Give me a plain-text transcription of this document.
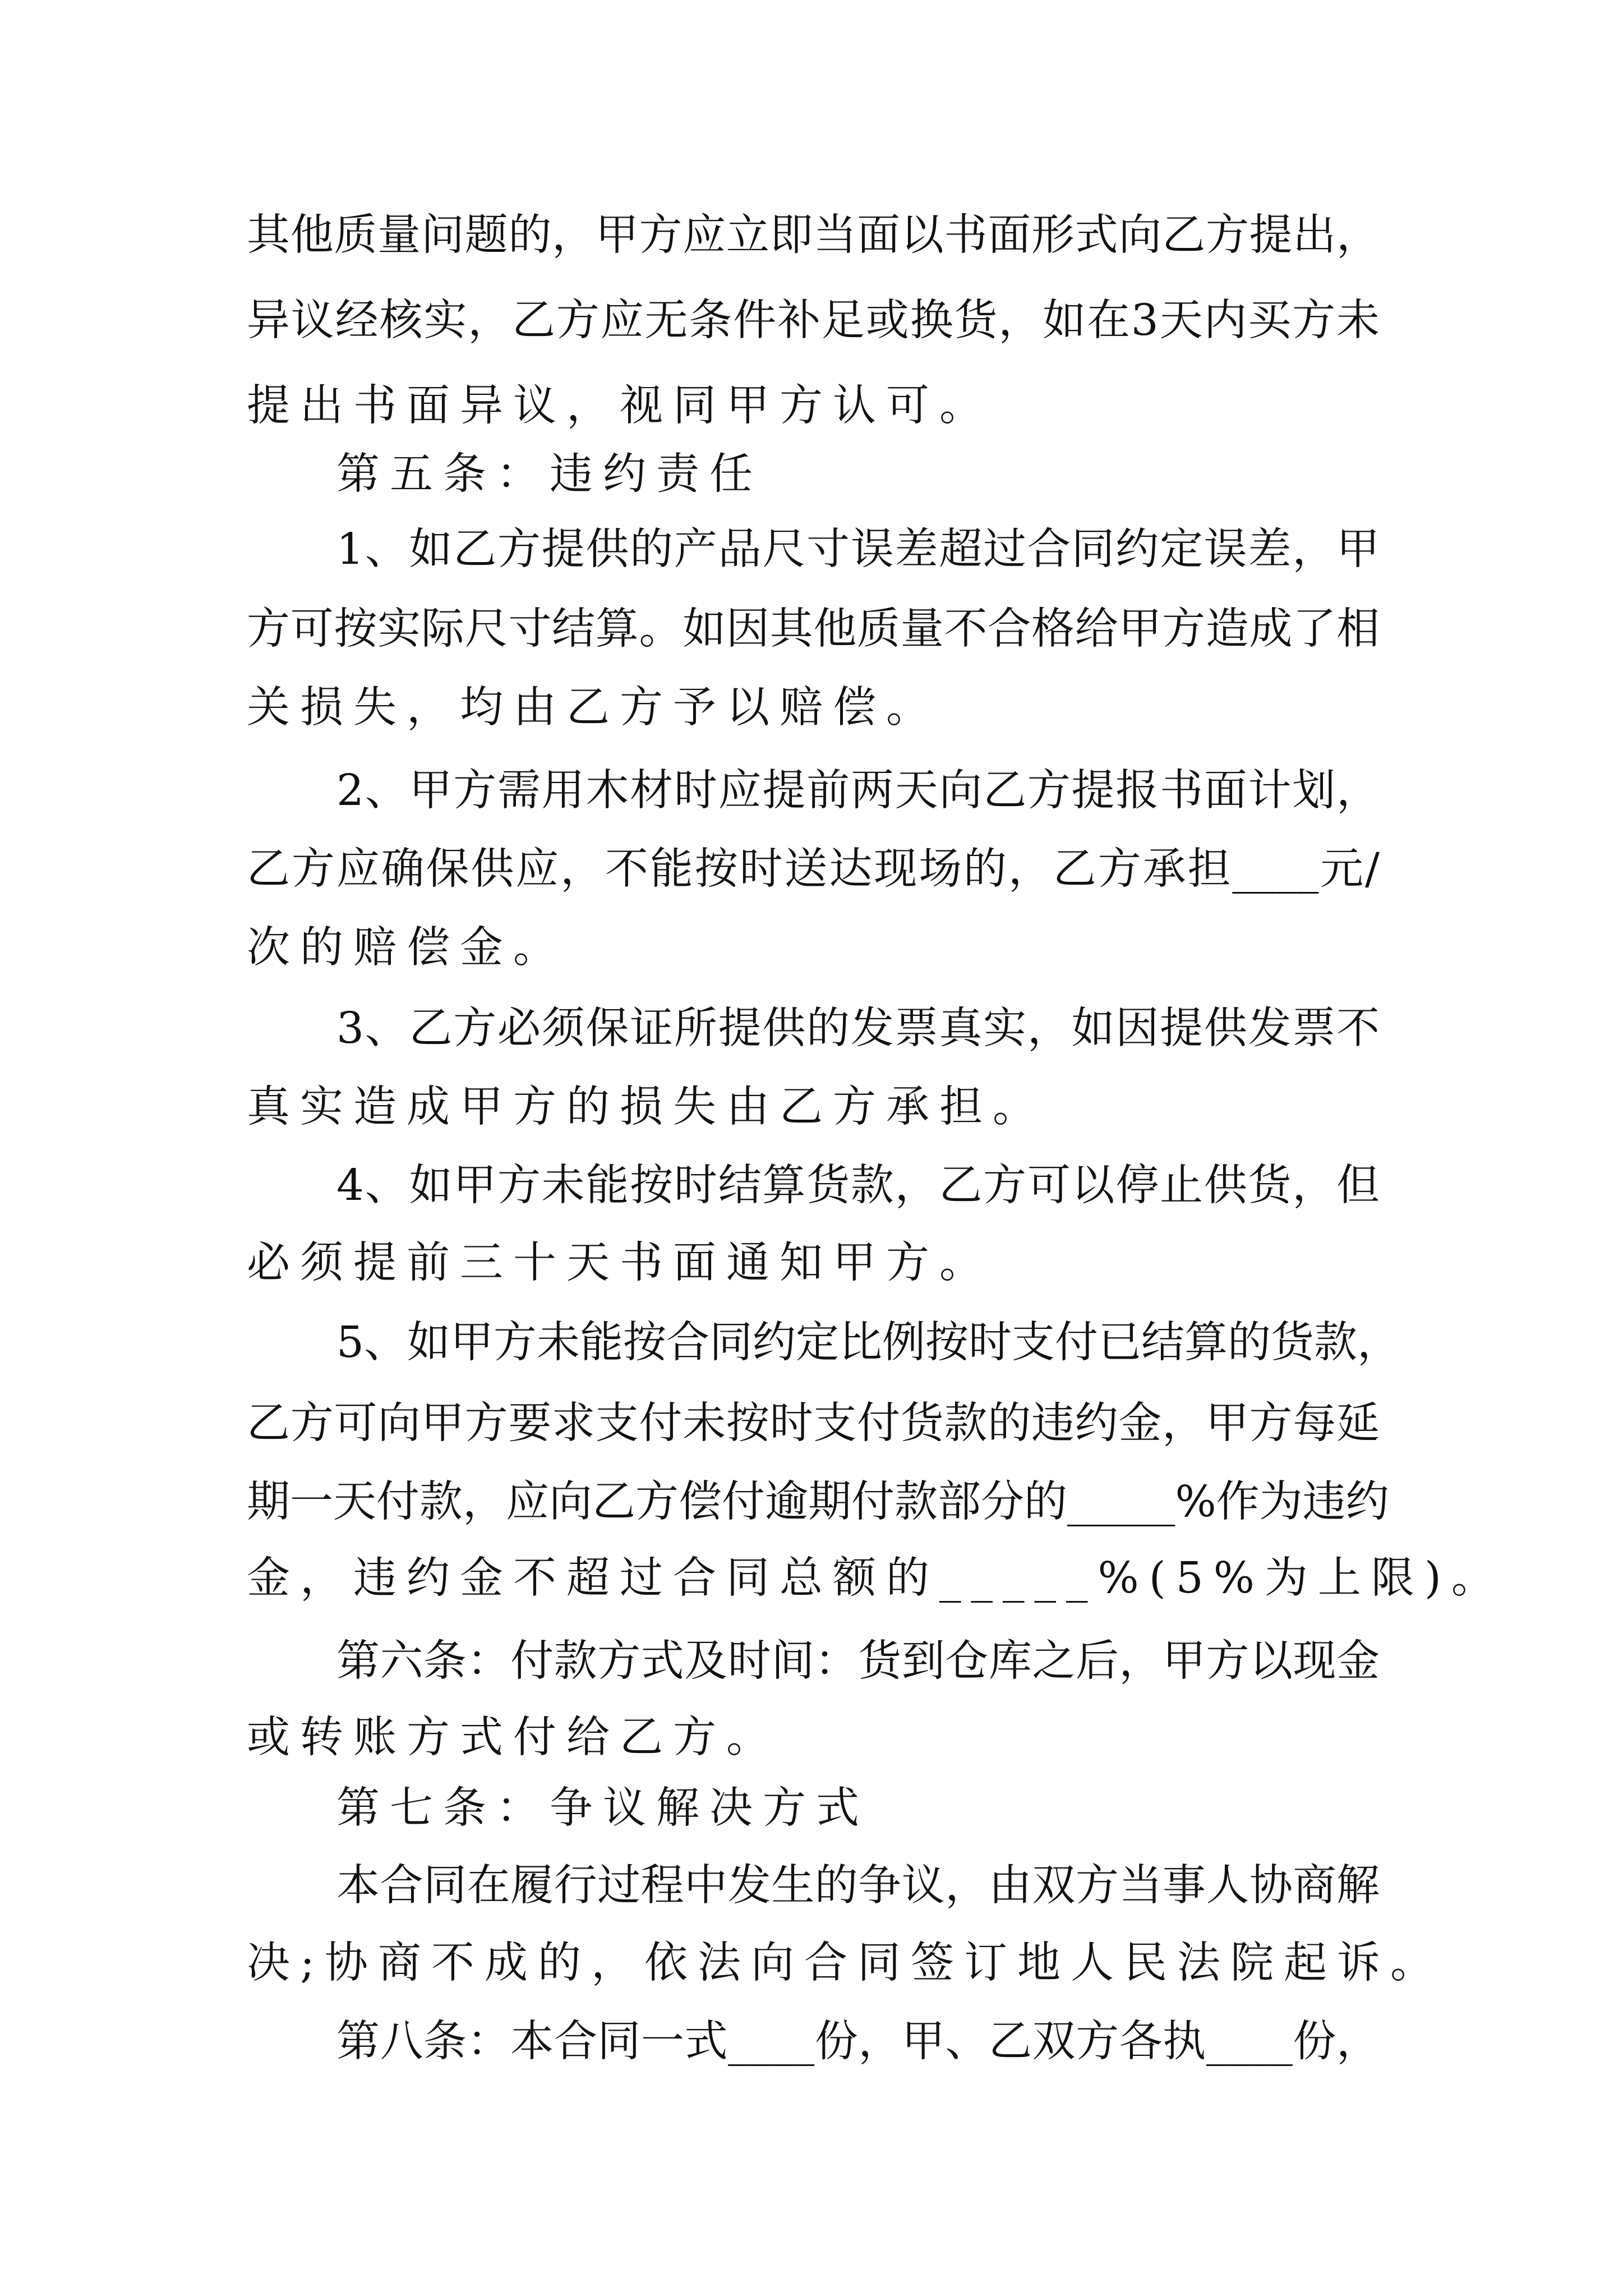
其他质量问题的，甲方应立即当面以书面形式向乙方提出，
异议经核实，乙方应无条件补足或换货，如在3天内买方未
提出书面异议，视同甲方认可。
第五条：违约责任
1、如乙方提供的产品尺寸误差超过合同约定误差，甲
方可按实际尺寸结算。如因其他质量不合格给甲方造成了相
关损失，均由乙方予以赔偿。
2、甲方需用木材时应提前两天向乙方提报书面计划，
乙方应确保供应，不能按时送达现场的，乙方承担____元/
次的赔偿金。
3、乙方必须保证所提供的发票真实，如因提供发票不
真实造成甲方的损失由乙方承担。
4、如甲方未能按时结算货款，乙方可以停止供货，但
必须提前三十天书面通知甲方。
5、如甲方未能按合同约定比例按时支付已结算的货款，
乙方可向甲方要求支付未按时支付货款的违约金，甲方每延
期一天付款，应向乙方偿付逾期付款部分的_____%作为违约
金，违约金不超过合同总额的_____%(5%为上限)。
第六条：付款方式及时间：货到仓库之后，甲方以现金
或转账方式付给乙方。
第七条：争议解决方式
本合同在履行过程中发生的争议，由双方当事人协商解
决;协商不成的，依法向合同签订地人民法院起诉。
第八条：本合同一式____份，甲、乙双方各执____份，
